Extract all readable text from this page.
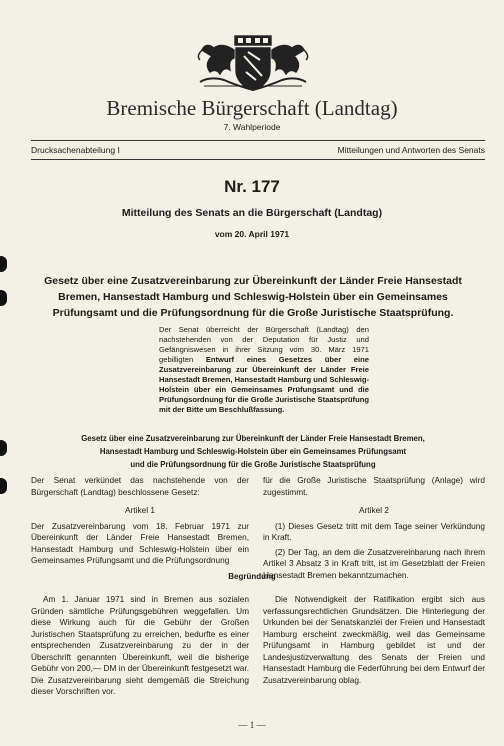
Bremische Bürgerschaft (Landtag)
7. Wahlperiode
Drucksachenabteilung I	Mitteilungen und Antworten des Senats
Nr. 177
Mitteilung des Senats an die Bürgerschaft (Landtag)
vom 20. April 1971
Gesetz über eine Zusatzvereinbarung zur Übereinkunft der Länder Freie Hansestadt Bremen, Hansestadt Hamburg und Schleswig-Holstein über ein Gemeinsames Prüfungsamt und die Prüfungsordnung für die Große Juristische Staatsprüfung.
Der Senat überreicht der Bürgerschaft (Landtag) den nachstehenden von der Deputation für Justiz und Gefängniswesen in ihrer Sitzung vom 30. März 1971 gebilligten Entwurf eines Gesetzes über eine Zusatzvereinbarung zur Übereinkunft der Länder Freie Hansestadt Bremen, Hansestadt Hamburg und Schleswig-Holstein über ein Gemeinsames Prüfungsamt und die Prüfungsordnung für die Große Juristische Staatsprüfung mit der Bitte um Beschlußfassung.
Gesetz über eine Zusatzvereinbarung zur Übereinkunft der Länder Freie Hansestadt Bremen,
Hansestadt Hamburg und Schleswig-Holstein über ein Gemeinsames Prüfungsamt
und die Prüfungsordnung für die Große Juristische Staatsprüfung

Der Senat verkündet das nachstehende von der Bürgerschaft (Landtag) beschlossene Gesetz:

Artikel 1

Der Zusatzvereinbarung vom 18. Februar 1971 zur Übereinkunft der Länder Freie Hansestadt Bremen, Hansestadt Hamburg und Schleswig-Holstein über ein Gemeinsames Prüfungsamt und die Prüfungsordnung

für die Große Juristische Staatsprüfung (Anlage) wird zugestimmt.

Artikel 2

(1) Dieses Gesetz tritt mit dem Tage seiner Verkündung in Kraft.

(2) Der Tag, an dem die Zusatzvereinbarung nach ihrem Artikel 3 Absatz 3 in Kraft tritt, ist im Gesetzblatt der Freien Hansestadt Bremen bekanntzumachen.

Begründung

Am 1. Januar 1971 sind in Bremen aus sozialen Gründen sämtliche Prüfungsgebühren weggefallen. Um diese Wirkung auch für die Gebühr der Großen Juristischen Staatsprüfung zu erreichen, bedurfte es einer entsprechenden Zusatzvereinbarung zu der in der Überschrift genannten Übereinkunft, weil die bisherige Gebühr von 200,— DM in der Übereinkunft festgesetzt war. Die Zusatzvereinbarung sieht demgemäß die Streichung dieser Vorschriften vor.

Die Notwendigkeit der Ratifikation ergibt sich aus verfassungsrechtlichen Grundsätzen. Die Hinterlegung der Urkunden bei der Senatskanzlei der Freien und Hansestadt Hamburg erscheint zweckmäßig, weil das Gemeinsame Prüfungsamt in Hamburg gebildet ist und der Landesjustizverwaltung des Senats der Freien und Hansestadt Hamburg die Federführung bei dem Entwurf der Zusatzvereinbarung oblag.

— 1 —
